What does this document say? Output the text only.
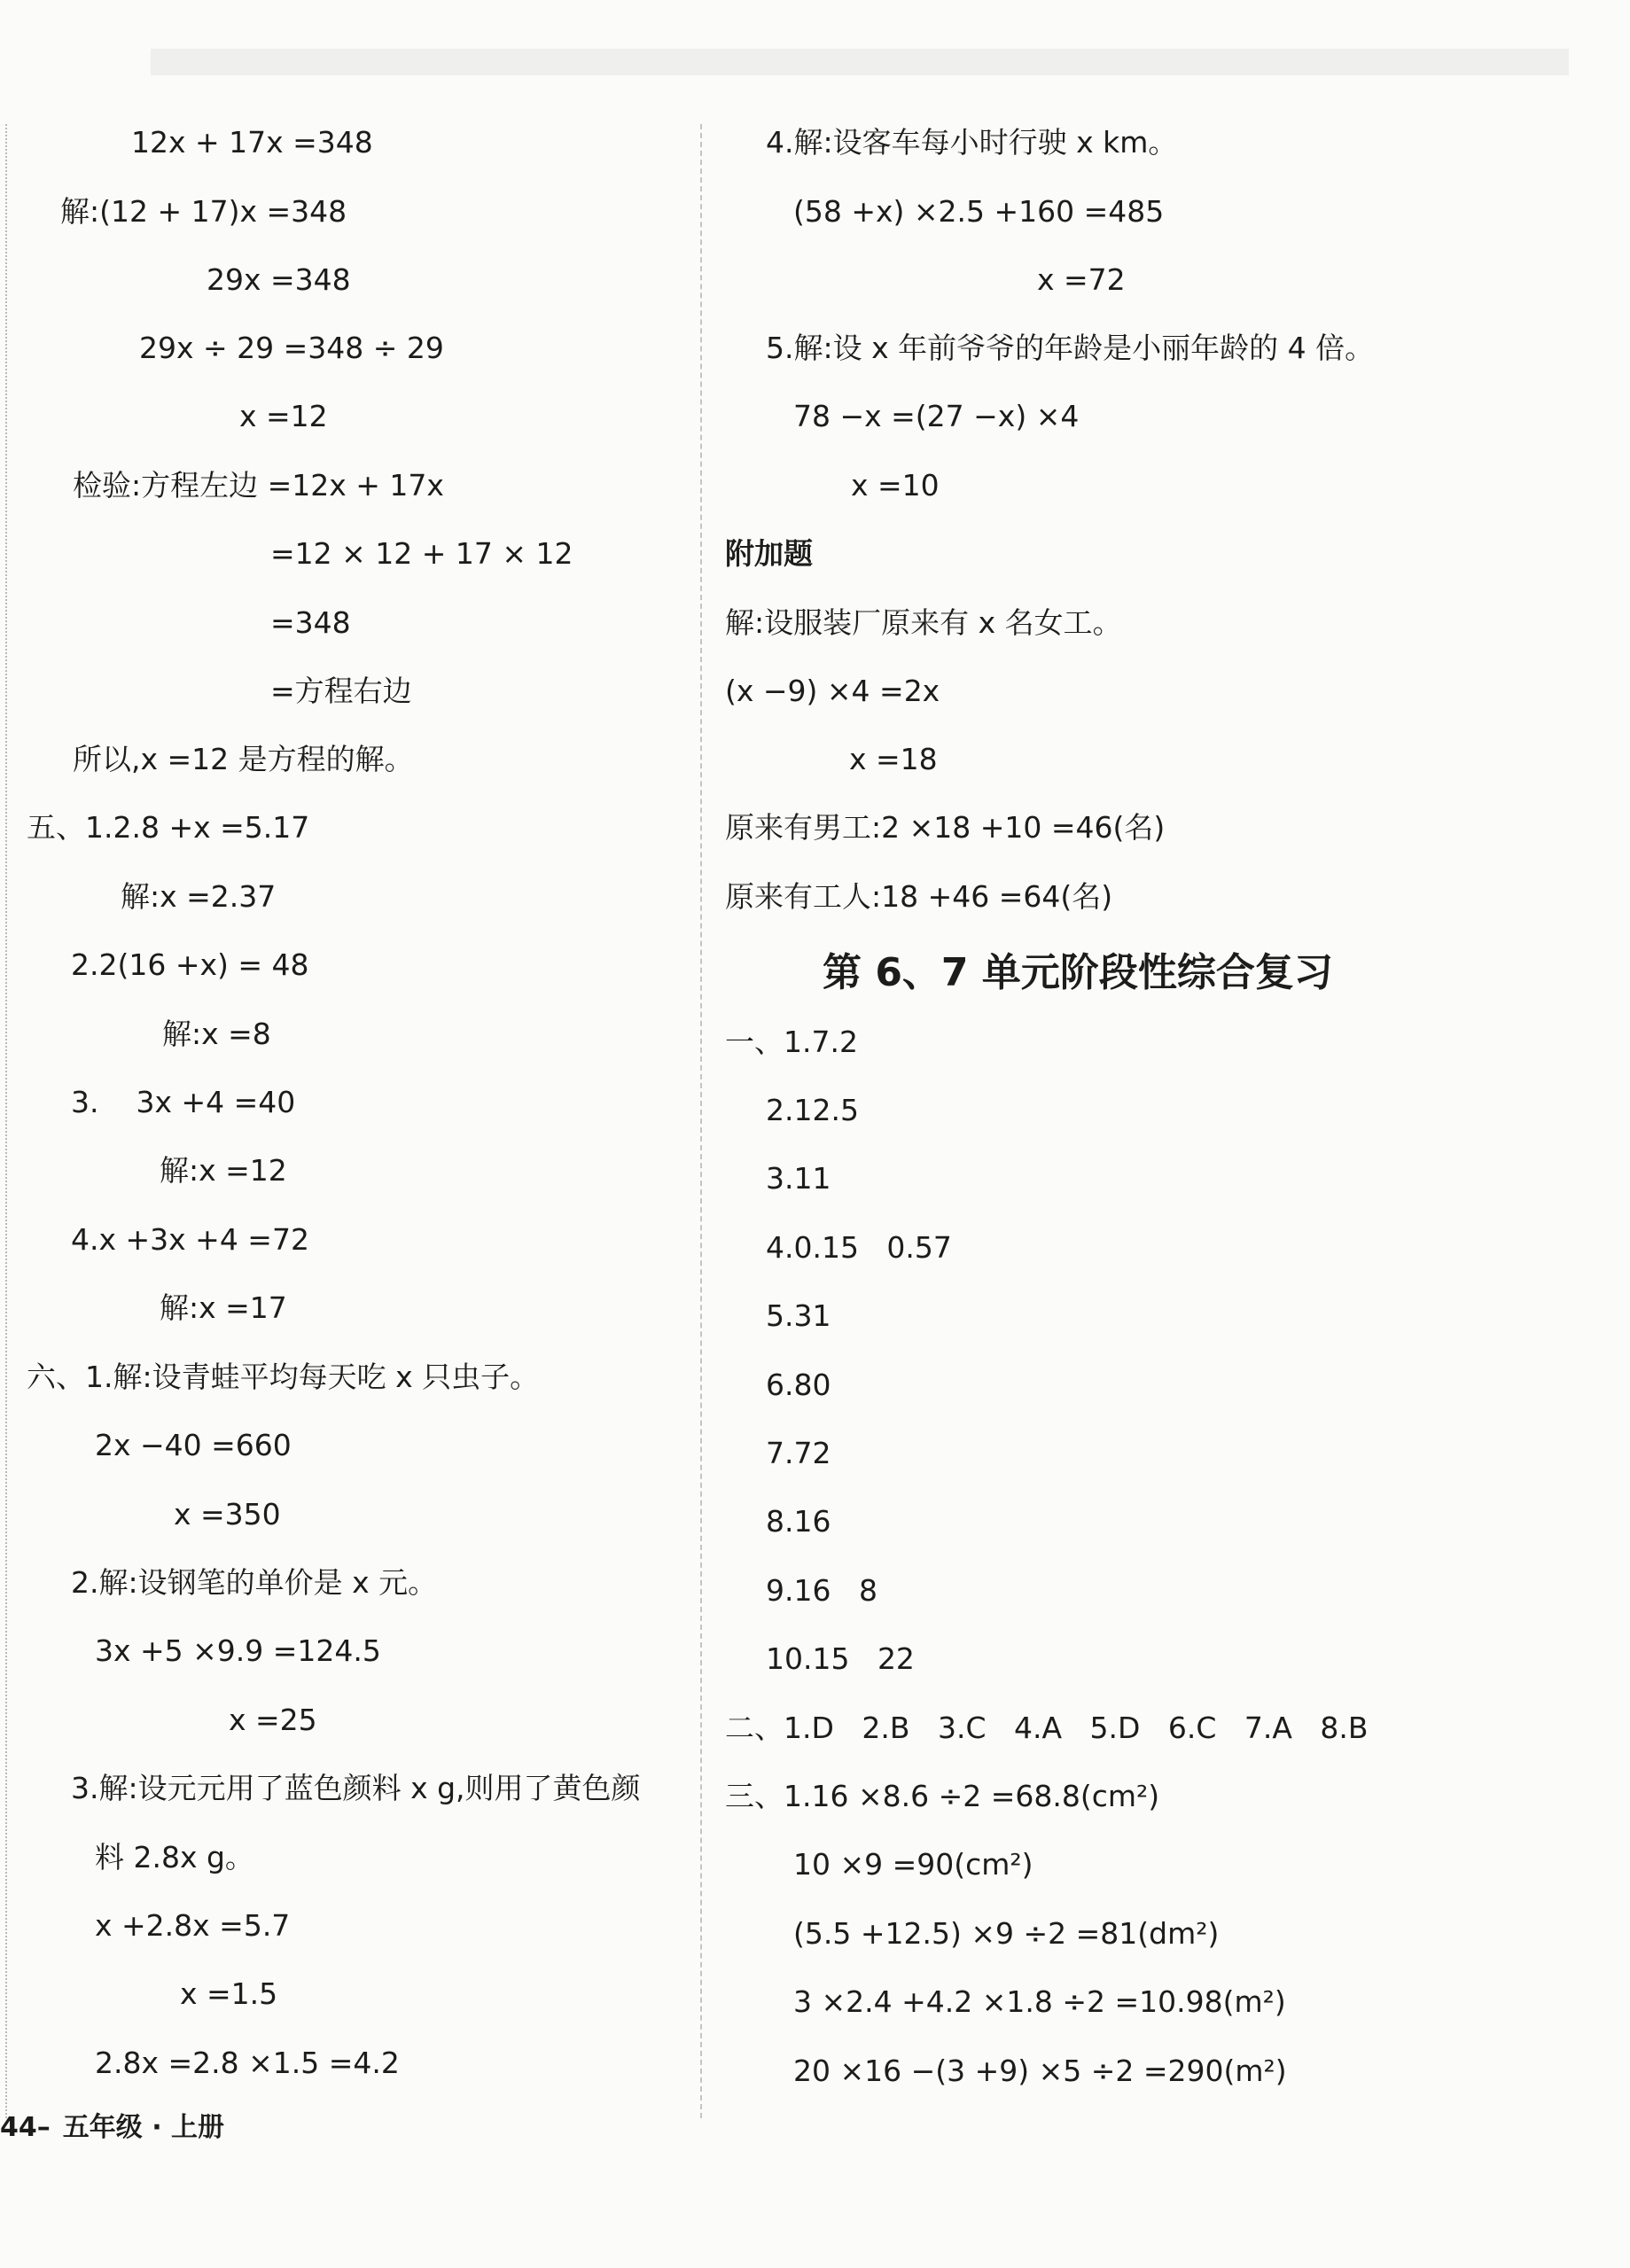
12x + 17x =348
解:(12 + 17)x =348
29x =348
29x ÷ 29 =348 ÷ 29
x =12
检验:方程左边 =12x + 17x
=12 × 12 + 17 × 12
=348
=方程右边
所以,x =12 是方程的解。
五、1.2.8 +x =5.17
解:x =2.37
2.2(16 +x) = 48
解:x =8
3.    3x +4 =40
解:x =12
4.x +3x +4 =72
解:x =17
六、1.解:设青蛙平均每天吃 x 只虫子。
2x −40 =660
x =350
2.解:设钢笔的单价是 x 元。
3x +5 ×9.9 =124.5
x =25
3.解:设元元用了蓝色颜料 x g,则用了黄色颜
料 2.8x g。
x +2.8x =5.7
x =1.5
2.8x =2.8 ×1.5 =4.2
4.解:设客车每小时行驶 x km。
(58 +x) ×2.5 +160 =485
x =72
5.解:设 x 年前爷爷的年龄是小丽年龄的 4 倍。
78 −x =(27 −x) ×4
x =10
附加题
解:设服装厂原来有 x 名女工。
(x −9) ×4 =2x
x =18
原来有男工:2 ×18 +10 =46(名)
原来有工人:18 +46 =64(名)
第 6、7 单元阶段性综合复习
一、1.7.2
2.12.5
3.11
4.0.15   0.57
5.31
6.80
7.72
8.16
9.16   8
10.15   22
二、1.D   2.B   3.C   4.A   5.D   6.C   7.A   8.B
三、1.16 ×8.6 ÷2 =68.8(cm²)
10 ×9 =90(cm²)
(5.5 +12.5) ×9 ÷2 =81(dm²)
3 ×2.4 +4.2 ×1.8 ÷2 =10.98(m²)
20 ×16 −(3 +9) ×5 ÷2 =290(m²)
44– 五年级 · 上册
